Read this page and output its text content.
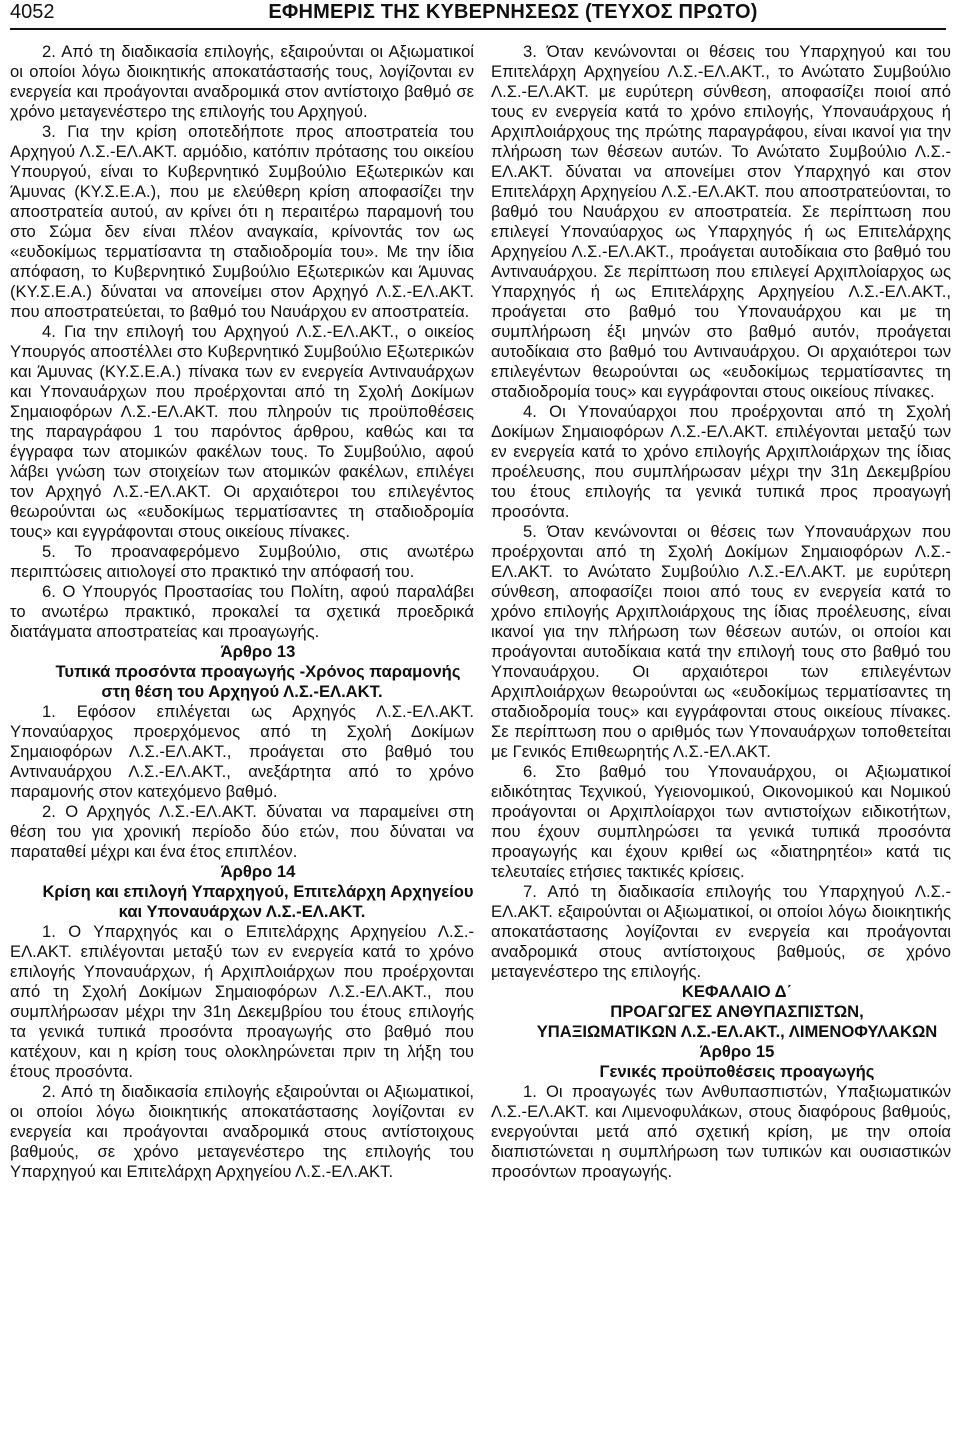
4052	ΕΦΗΜΕΡΙΣ ΤΗΣ ΚΥΒΕΡΝΗΣΕΩΣ (ΤΕΥΧΟΣ ΠΡΩΤΟ)

2. Από τη διαδικασία επιλογής, εξαιρούνται οι Αξιωματικοί οι οποίοι λόγω διοικητικής αποκατάστασής τους, λογίζονται εν ενεργεία και προάγονται αναδρομικά στον αντίστοιχο βαθμό σε χρόνο μεταγενέστερο της επιλογής του Αρχηγού.

3. Για την κρίση οποτεδήποτε προς αποστρατεία του Αρχηγού Λ.Σ.-ΕΛ.ΑΚΤ. αρμόδιο, κατόπιν πρότασης του οικείου Υπουργού, είναι το Κυβερνητικό Συμβούλιο Εξωτερικών και Άμυνας (ΚΥ.Σ.Ε.Α.), που με ελεύθερη κρίση αποφασίζει την αποστρατεία αυτού, αν κρίνει ότι η περαιτέρω παραμονή του στο Σώμα δεν είναι πλέον αναγκαία, κρίνοντάς τον ως «ευδοκίμως τερματίσαντα τη σταδιοδρομία του». Με την ίδια απόφαση, το Κυβερνητικό Συμβούλιο Εξωτερικών και Άμυνας (ΚΥ.Σ.Ε.Α.) δύναται να απονείμει στον Αρχηγό Λ.Σ.-ΕΛ.ΑΚΤ. που αποστρατεύεται, το βαθμό του Ναυάρχου εν αποστρατεία.

4. Για την επιλογή του Αρχηγού Λ.Σ.-ΕΛ.ΑΚΤ., ο οικείος Υπουργός αποστέλλει στο Κυβερνητικό Συμβούλιο Εξωτερικών και Άμυνας (ΚΥ.Σ.Ε.Α.) πίνακα των εν ενεργεία Αντιναυάρχων και Υποναυάρχων που προέρχονται από τη Σχολή Δοκίμων Σημαιοφόρων Λ.Σ.-ΕΛ.ΑΚΤ. που πληρούν τις προϋποθέσεις της παραγράφου 1 του παρόντος άρθρου, καθώς και τα έγγραφα των ατομικών φακέλων τους. Το Συμβούλιο, αφού λάβει γνώση των στοιχείων των ατομικών φακέλων, επιλέγει τον Αρχηγό Λ.Σ.-ΕΛ.ΑΚΤ. Οι αρχαιότεροι του επιλεγέντος θεωρούνται ως «ευδοκίμως τερματίσαντες τη σταδιοδρομία τους» και εγγράφονται στους οικείους πίνακες.

5. Το προαναφερόμενο Συμβούλιο, στις ανωτέρω περιπτώσεις αιτιολογεί στο πρακτικό την απόφασή του.

6. Ο Υπουργός Προστασίας του Πολίτη, αφού παραλάβει το ανωτέρω πρακτικό, προκαλεί τα σχετικά προεδρικά διατάγματα αποστρατείας και προαγωγής.

Άρθρο 13

Τυπικά προσόντα προαγωγής -Χρόνος παραμονής στη θέση του Αρχηγού Λ.Σ.-ΕΛ.ΑΚΤ.

1. Εφόσον επιλέγεται ως Αρχηγός Λ.Σ.-ΕΛ.ΑΚΤ. Υποναύαρχος προερχόμενος από τη Σχολή Δοκίμων Σημαιοφόρων Λ.Σ.-ΕΛ.ΑΚΤ., προάγεται στο βαθμό του Αντιναυάρχου Λ.Σ.-ΕΛ.ΑΚΤ., ανεξάρτητα από το χρόνο παραμονής στον κατεχόμενο βαθμό.

2. Ο Αρχηγός Λ.Σ.-ΕΛ.ΑΚΤ. δύναται να παραμείνει στη θέση του για χρονική περίοδο δύο ετών, που δύναται να παραταθεί μέχρι και ένα έτος επιπλέον.

Άρθρο 14

Κρίση και επιλογή Υπαρχηγού, Επιτελάρχη Αρχηγείου και Υποναυάρχων Λ.Σ.-ΕΛ.ΑΚΤ.

1. Ο Υπαρχηγός και ο Επιτελάρχης Αρχηγείου Λ.Σ.-ΕΛ.ΑΚΤ. επιλέγονται μεταξύ των εν ενεργεία κατά το χρόνο επιλογής Υποναυάρχων, ή Αρχιπλοιάρχων που προέρχονται από τη Σχολή Δοκίμων Σημαιοφόρων Λ.Σ.-ΕΛ.ΑΚΤ., που συμπλήρωσαν μέχρι την 31η Δεκεμβρίου του έτους επιλογής τα γενικά τυπικά προσόντα προαγωγής στο βαθμό που κατέχουν, και η κρίση τους ολοκληρώνεται πριν τη λήξη του έτους προσόντα.

2. Από τη διαδικασία επιλογής εξαιρούνται οι Αξιωματικοί, οι οποίοι λόγω διοικητικής αποκατάστασης λογίζονται εν ενεργεία και προάγονται αναδρομικά στους αντίστοιχους βαθμούς, σε χρόνο μεταγενέστερο της επιλογής του Υπαρχηγού και Επιτελάρχη Αρχηγείου Λ.Σ.-ΕΛ.ΑΚΤ.

3. Όταν κενώνονται οι θέσεις του Υπαρχηγού και του Επιτελάρχη Αρχηγείου Λ.Σ.-ΕΛ.ΑΚΤ., το Ανώτατο Συμβούλιο Λ.Σ.-ΕΛ.ΑΚΤ. με ευρύτερη σύνθεση, αποφασίζει ποιοί από τους εν ενεργεία κατά το χρόνο επιλογής, Υποναυάρχους ή Αρχιπλοιάρχους της πρώτης παραγράφου, είναι ικανοί για την πλήρωση των θέσεων αυτών. Το Ανώτατο Συμβούλιο Λ.Σ.-ΕΛ.ΑΚΤ. δύναται να απονείμει στον Υπαρχηγό και στον Επιτελάρχη Αρχηγείου Λ.Σ.-ΕΛ.ΑΚΤ. που αποστρατεύονται, το βαθμό του Ναυάρχου εν αποστρατεία. Σε περίπτωση που επιλεγεί Υποναύαρχος ως Υπαρχηγός ή ως Επιτελάρχης Αρχηγείου Λ.Σ.-ΕΛ.ΑΚΤ., προάγεται αυτοδίκαια στο βαθμό του Αντιναυάρχου. Σε περίπτωση που επιλεγεί Αρχιπλοίαρχος ως Υπαρχηγός ή ως Επιτελάρχης Αρχηγείου Λ.Σ.-ΕΛ.ΑΚΤ., προάγεται στο βαθμό του Υποναυάρχου και με τη συμπλήρωση έξι μηνών στο βαθμό αυτόν, προάγεται αυτοδίκαια στο βαθμό του Αντιναυάρχου. Οι αρχαιότεροι των επιλεγέντων θεωρούνται ως «ευδοκίμως τερματίσαντες τη σταδιοδρομία τους» και εγγράφονται στους οικείους πίνακες.

4. Οι Υποναύαρχοι που προέρχονται από τη Σχολή Δοκίμων Σημαιοφόρων Λ.Σ.-ΕΛ.ΑΚΤ. επιλέγονται μεταξύ των εν ενεργεία κατά το χρόνο επιλογής Αρχιπλοιάρχων της ίδιας προέλευσης, που συμπλήρωσαν μέχρι την 31η Δεκεμβρίου του έτους επιλογής τα γενικά τυπικά προς προαγωγή προσόντα.

5. Όταν κενώνονται οι θέσεις των Υποναυάρχων που προέρχονται από τη Σχολή Δοκίμων Σημαιοφόρων Λ.Σ.-ΕΛ.ΑΚΤ. το Ανώτατο Συμβούλιο Λ.Σ.-ΕΛ.ΑΚΤ. με ευρύτερη σύνθεση, αποφασίζει ποιοι από τους εν ενεργεία κατά το χρόνο επιλογής Αρχιπλοιάρχους της ίδιας προέλευσης, είναι ικανοί για την πλήρωση των θέσεων αυτών, οι οποίοι και προάγονται αυτοδίκαια κατά την επιλογή τους στο βαθμό του Υποναυάρχου. Οι αρχαιότεροι των επιλεγέντων Αρχιπλοιάρχων θεωρούνται ως «ευδοκίμως τερματίσαντες τη σταδιοδρομία τους» και εγγράφονται στους οικείους πίνακες. Σε περίπτωση που ο αριθμός των Υποναυάρχων τοποθετείται με Γενικός Επιθεωρητής Λ.Σ.-ΕΛ.ΑΚΤ.

6. Στο βαθμό του Υποναυάρχου, οι Αξιωματικοί ειδικότητας Τεχνικού, Υγειονομικού, Οικονομικού και Νομικού προάγονται οι Αρχιπλοίαρχοι των αντιστοίχων ειδικοτήτων, που έχουν συμπληρώσει τα γενικά τυπικά προσόντα προαγωγής και έχουν κριθεί ως «διατηρητέοι» κατά τις τελευταίες ετήσιες τακτικές κρίσεις.

7. Από τη διαδικασία επιλογής του Υπαρχηγού Λ.Σ.-ΕΛ.ΑΚΤ. εξαιρούνται οι Αξιωματικοί, οι οποίοι λόγω διοικητικής αποκατάστασης λογίζονται εν ενεργεία και προάγονται αναδρομικά στους αντίστοιχους βαθμούς, σε χρόνο μεταγενέστερο της επιλογής.

ΚΕΦΑΛΑΙΟ Δ΄

ΠΡΟΑΓΩΓΕΣ ΑΝΘΥΠΑΣΠΙΣΤΩΝ,

ΥΠΑΞΙΩΜΑΤΙΚΩΝ Λ.Σ.-ΕΛ.ΑΚΤ., ΛΙΜΕΝΟΦΥΛΑΚΩΝ

Άρθρο 15

Γενικές προϋποθέσεις προαγωγής

1. Οι προαγωγές των Ανθυπασπιστών, Υπαξιωματικών Λ.Σ.-ΕΛ.ΑΚΤ. και Λιμενοφυλάκων, στους διαφόρους βαθμούς, ενεργούνται μετά από σχετική κρίση, με την οποία διαπιστώνεται η συμπλήρωση των τυπικών και ουσιαστικών προσόντων προαγωγής.
